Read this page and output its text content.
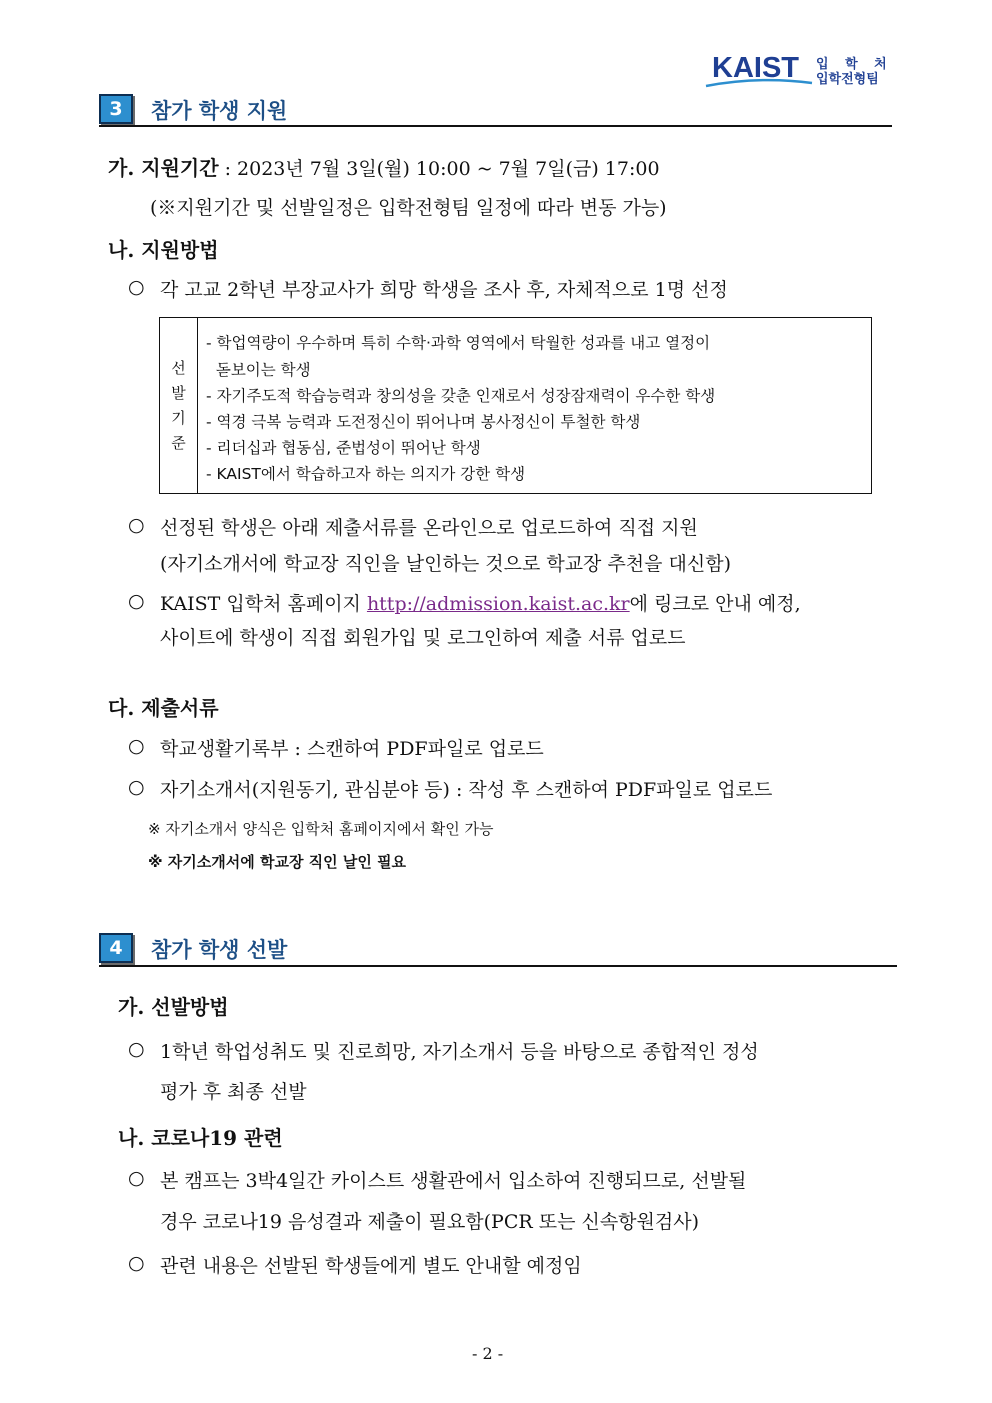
KAIST 입 학 처
입학전형팀
3	참가 학생 지원
가. 지원기간 : 2023년 7월 3일(월) 10:00 ~ 7월 7일(금) 17:00
(※지원기간 및 선발일정은 입학전형팀 일정에 따라 변동 가능)
나. 지원방법
○ 각 고교 2학년 부장교사가 희망 학생을 조사 후, 자체적으로 1명 선정
선
발
기
준
- 학업역량이 우수하며 특히 수학·과학 영역에서 탁월한 성과를 내고 열정이
돋보이는 학생
- 자기주도적 학습능력과 창의성을 갖춘 인재로서 성장잠재력이 우수한 학생
- 역경 극복 능력과 도전정신이 뛰어나며 봉사정신이 투철한 학생
- 리더십과 협동심, 준법성이 뛰어난 학생
- KAIST에서 학습하고자 하는 의지가 강한 학생
○ 선정된 학생은 아래 제출서류를 온라인으로 업로드하여 직접 지원
(자기소개서에 학교장 직인을 날인하는 것으로 학교장 추천을 대신함)
○ KAIST 입학처 홈페이지 http://admission.kaist.ac.kr에 링크로 안내 예정,
사이트에 학생이 직접 회원가입 및 로그인하여 제출 서류 업로드
다. 제출서류
○ 학교생활기록부 : 스캔하여 PDF파일로 업로드
○ 자기소개서(지원동기, 관심분야 등) : 작성 후 스캔하여 PDF파일로 업로드
※ 자기소개서 양식은 입학처 홈페이지에서 확인 가능
※ 자기소개서에 학교장 직인 날인 필요
4	참가 학생 선발
가. 선발방법
○ 1학년 학업성취도 및 진로희망, 자기소개서 등을 바탕으로 종합적인 정성
평가 후 최종 선발
나. 코로나19 관련
○ 본 캠프는 3박4일간 카이스트 생활관에서 입소하여 진행되므로, 선발될
경우 코로나19 음성결과 제출이 필요함(PCR 또는 신속항원검사)
○ 관련 내용은 선발된 학생들에게 별도 안내할 예정임
- 2 -
